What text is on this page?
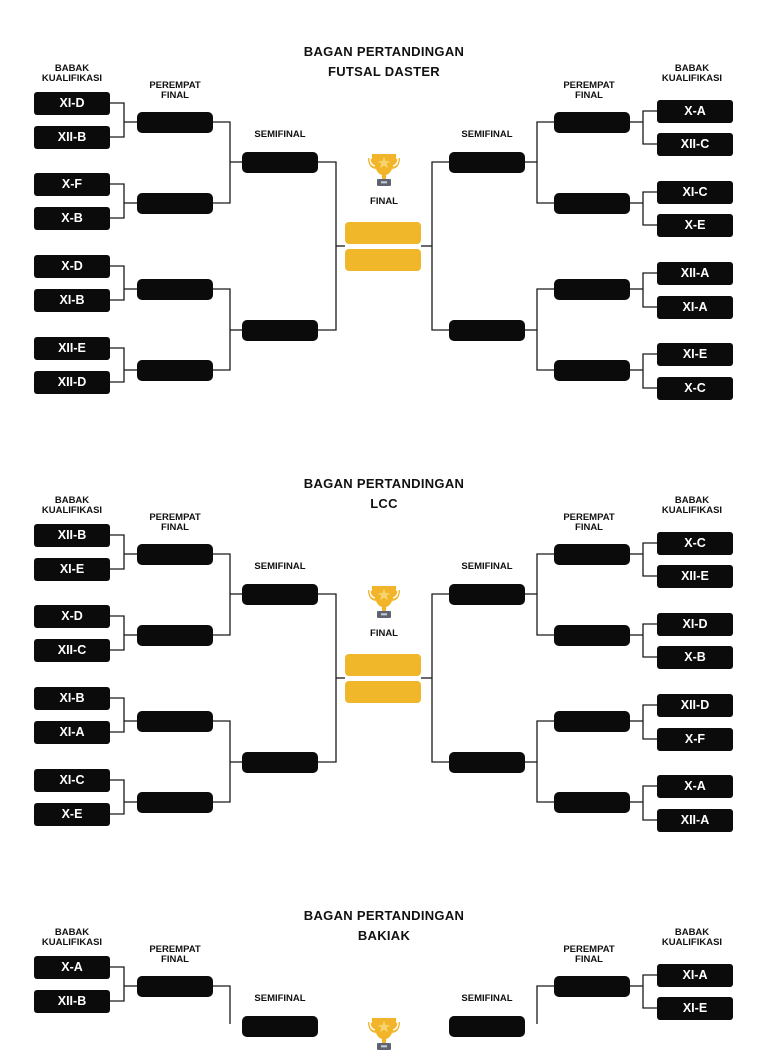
BAGAN PERTANDINGAN
FUTSAL DASTER
BABAK
KUALIFIKASI
PEREMPAT
FINAL
SEMIFINAL	SEMIFINAL
PEREMPAT
FINAL
BABAK
KUALIFIKASI
XI-D
XII-B
X-F
X-B
X-D
XI-B
XII-E
XII-D
X-A
XII-C
XI-C
X-E
XII-A
XI-A
XI-E
X-C
FINAL
BAGAN PERTANDINGAN
LCC
BABAK
KUALIFIKASI
PEREMPAT
FINAL
SEMIFINAL	SEMIFINAL
PEREMPAT
FINAL
BABAK
KUALIFIKASI
XII-B
XI-E
X-D
XII-C
XI-B
XI-A
XI-C
X-E
X-C
XII-E
XI-D
X-B
XII-D
X-F
X-A
XII-A
FINAL
BAGAN PERTANDINGAN
BAKIAK
BABAK
KUALIFIKASI
PEREMPAT
FINAL
SEMIFINAL	SEMIFINAL
PEREMPAT
FINAL
BABAK
KUALIFIKASI
X-A
XII-B
XI-A
XI-E
